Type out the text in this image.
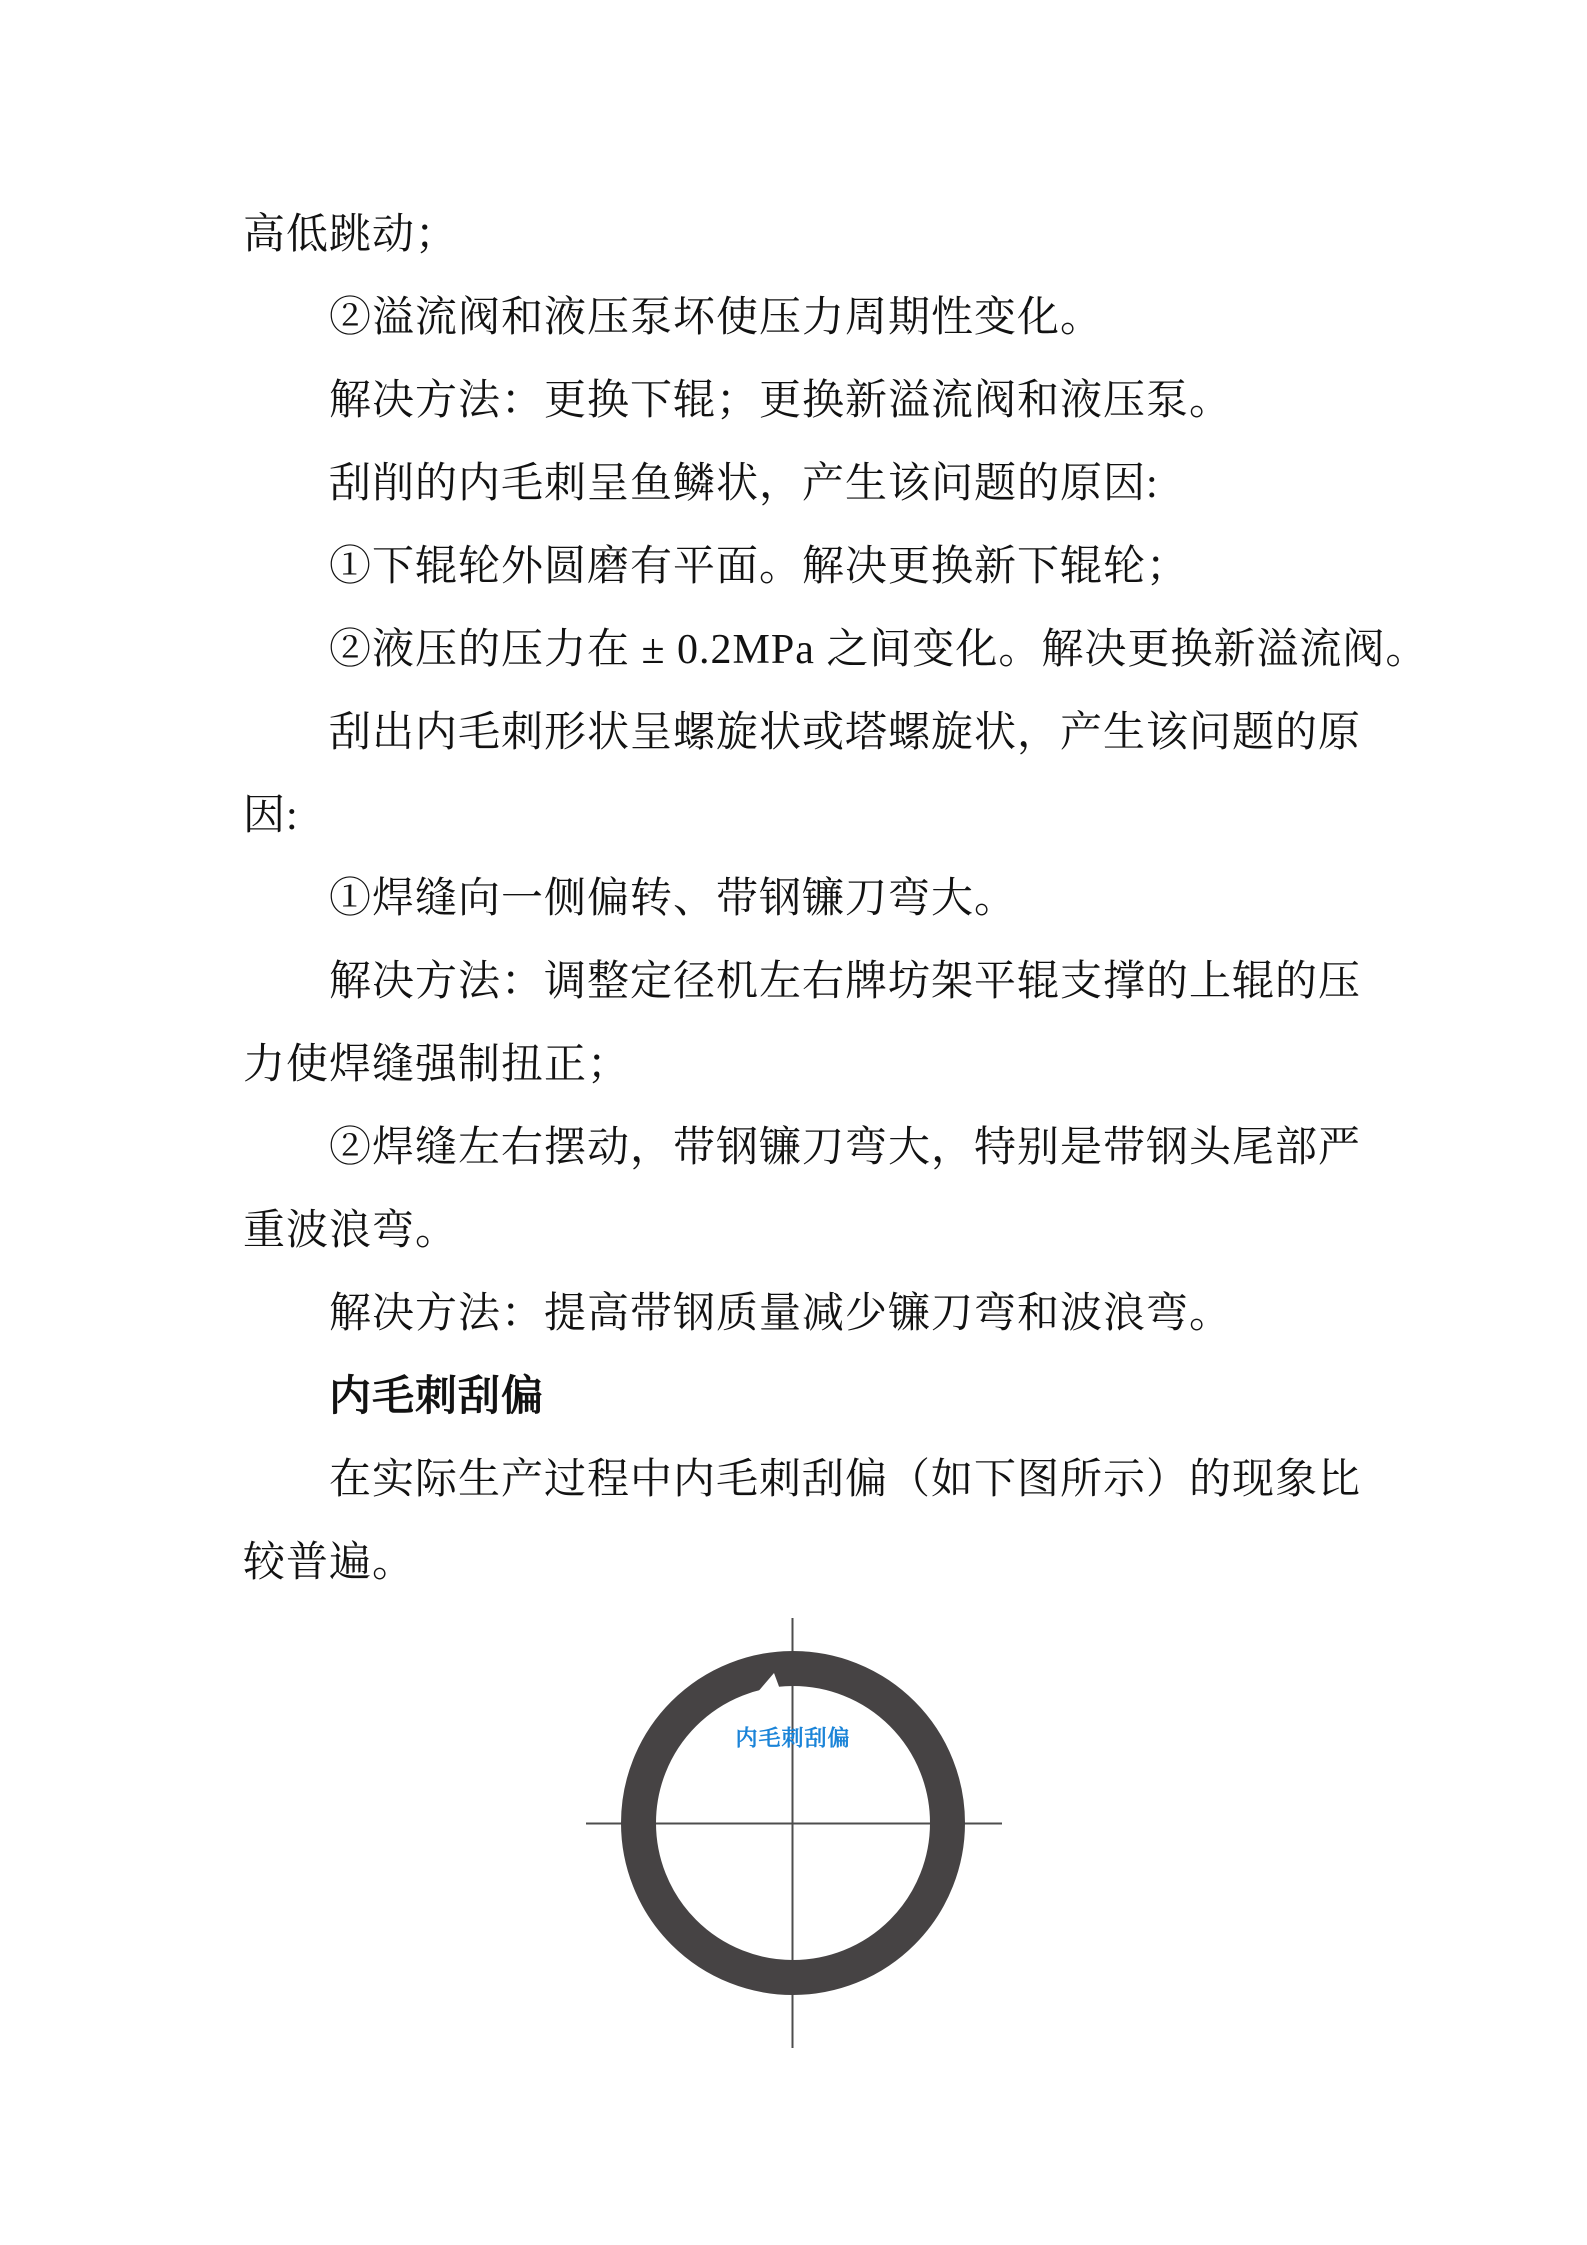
高低跳动；
②溢流阀和液压泵坏使压力周期性变化。
解决方法：更换下辊；更换新溢流阀和液压泵。
刮削的内毛刺呈鱼鳞状，产生该问题的原因:
①下辊轮外圆磨有平面。解决更换新下辊轮；
②液压的压力在 ± 0.2MPa 之间变化。解决更换新溢流阀。
刮出内毛刺形状呈螺旋状或塔螺旋状，产生该问题的原
因:
①焊缝向一侧偏转、带钢镰刀弯大。
解决方法：调整定径机左右牌坊架平辊支撑的上辊的压
力使焊缝强制扭正；
②焊缝左右摆动，带钢镰刀弯大，特别是带钢头尾部严
重波浪弯。
解决方法：提高带钢质量减少镰刀弯和波浪弯。
内毛刺刮偏
在实际生产过程中内毛刺刮偏（如下图所示）的现象比
较普遍。
内毛刺刮偏
